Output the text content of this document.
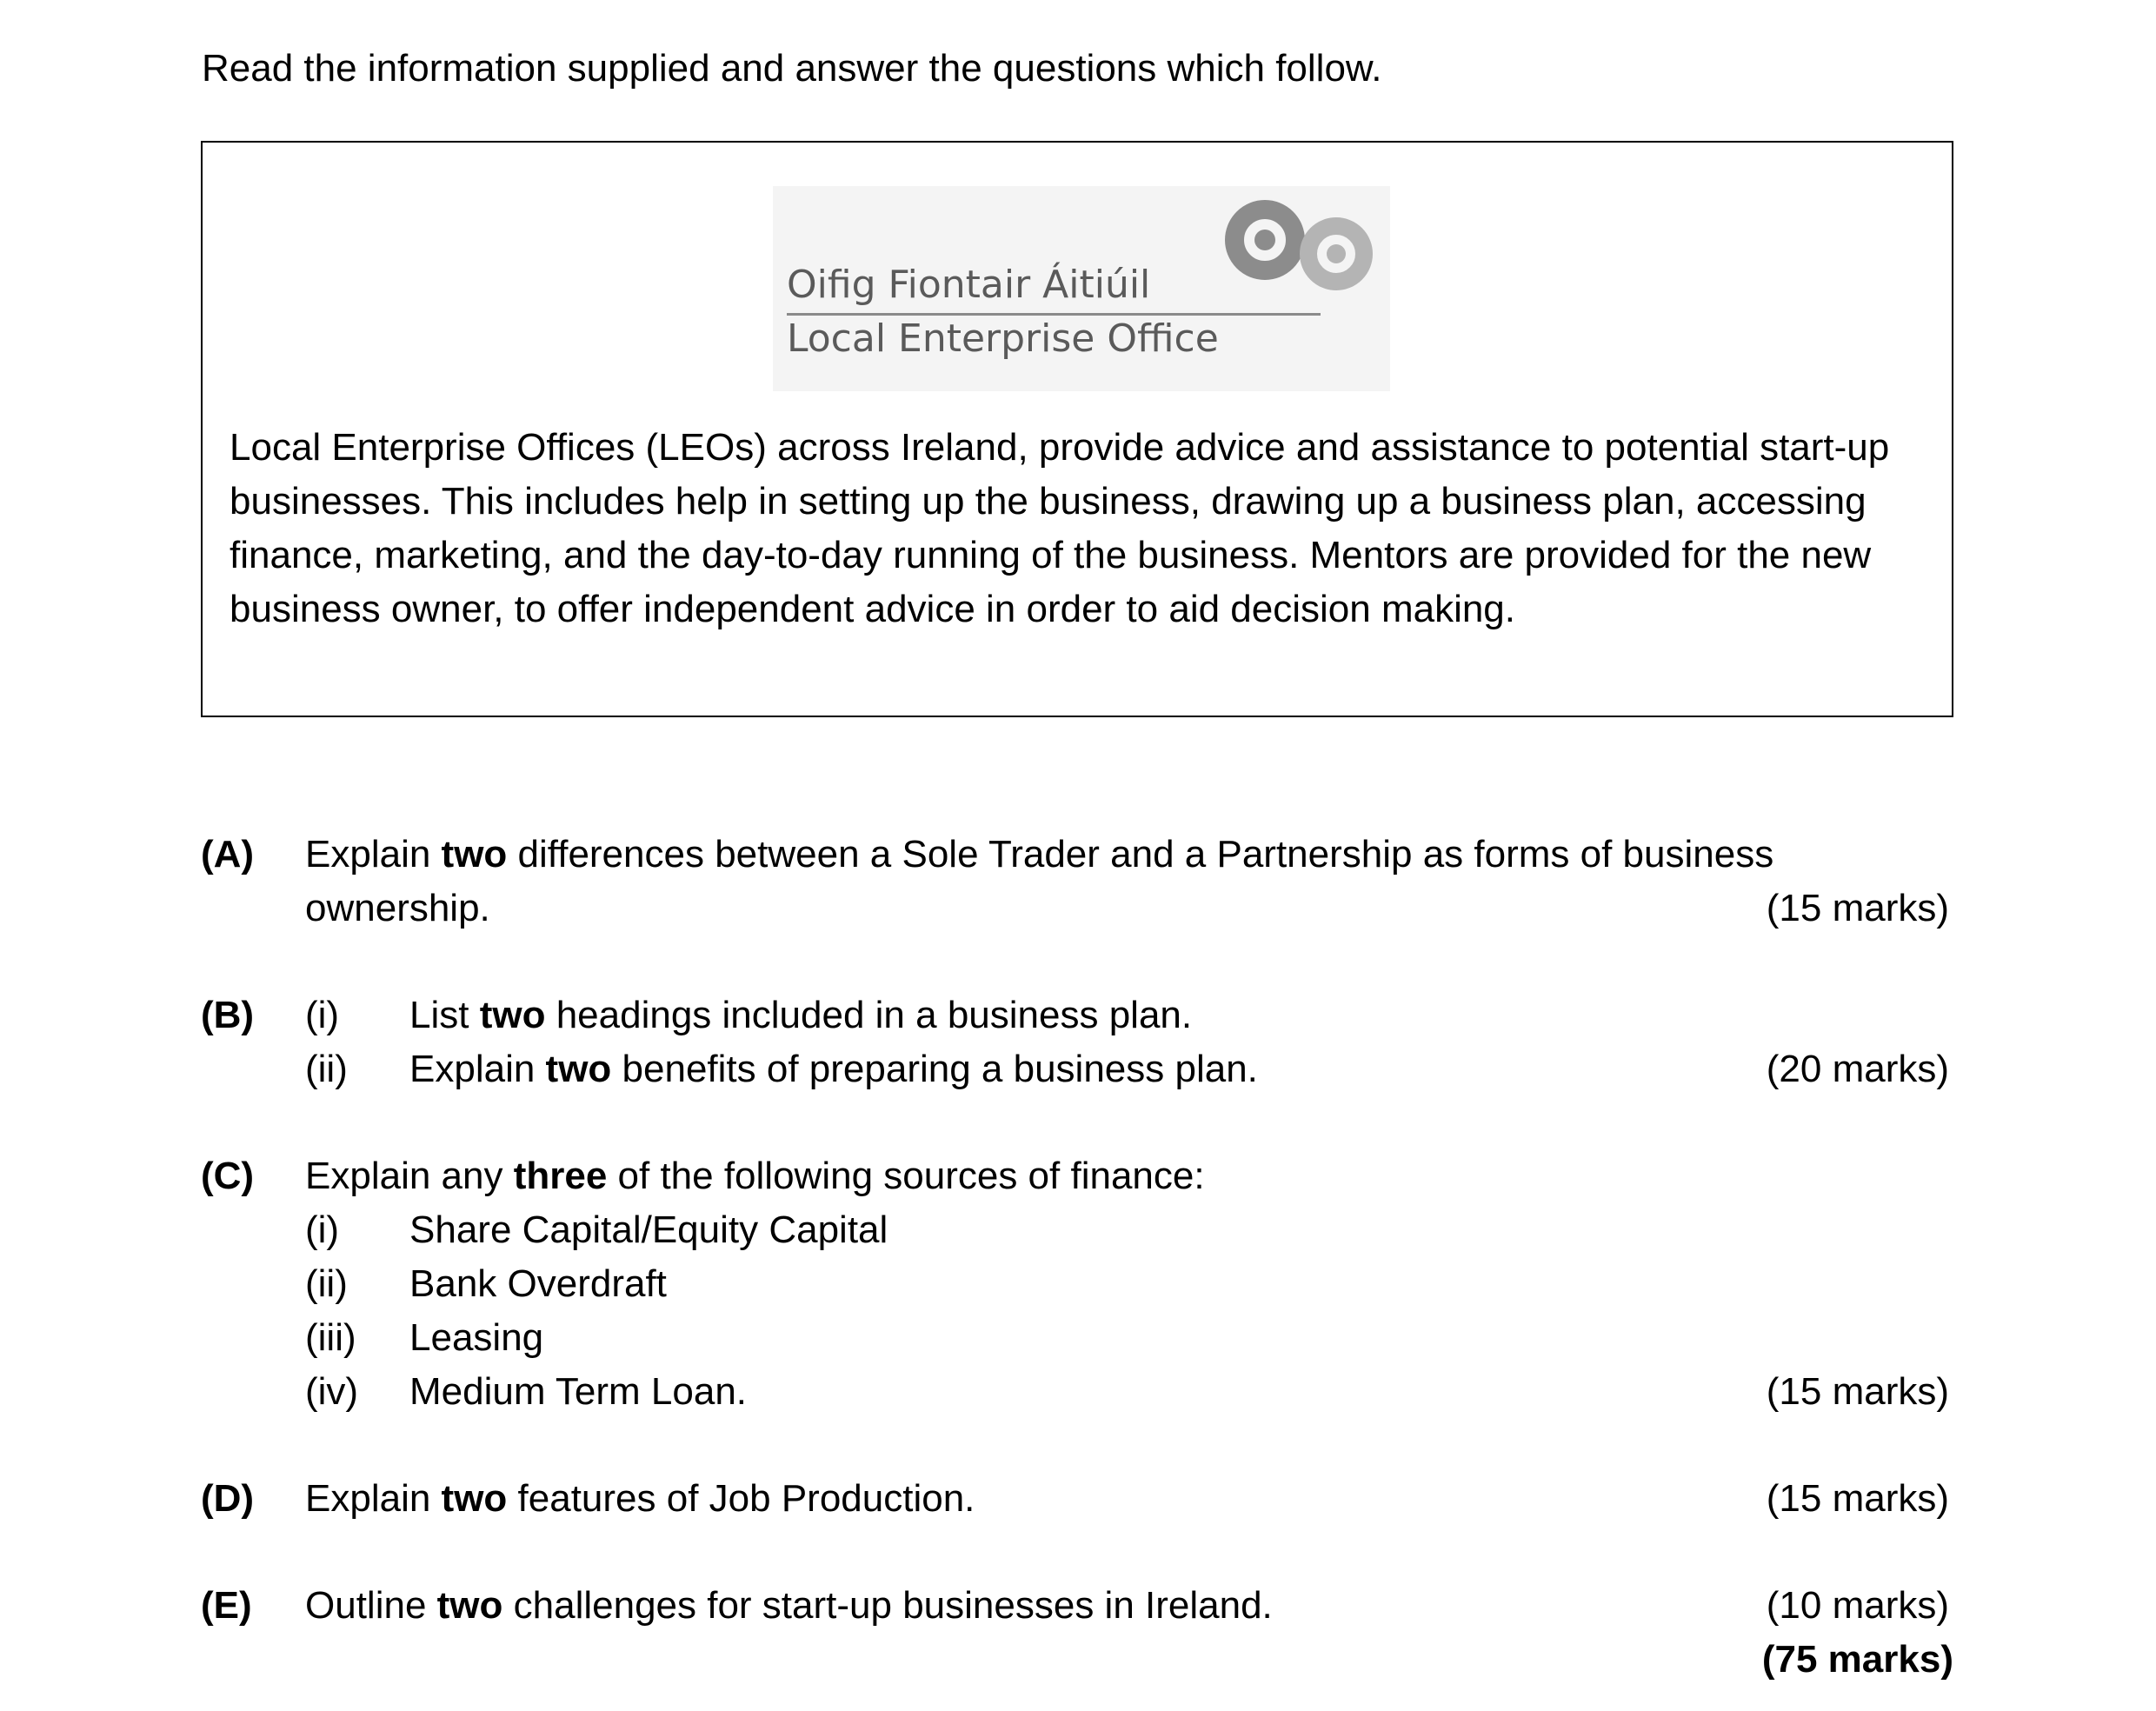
Read the information supplied and answer the questions which follow.
Oifig Fiontair Áitiúil
Local Enterprise Office

Local Enterprise Offices (LEOs) across Ireland, provide advice and assistance to potential start-up businesses. This includes help in setting up the business, drawing up a business plan, accessing finance, marketing, and the day-to-day running of the business. Mentors are provided for the new business owner, to offer independent advice in order to aid decision making.

(A) Explain two differences between a Sole Trader and a Partnership as forms of business
ownership.	(15 marks)
(B) (i) List two headings included in a business plan.
(ii) Explain two benefits of preparing a business plan.	(20 marks)
(C) Explain any three of the following sources of finance:
(i) Share Capital/Equity Capital
(ii) Bank Overdraft
(iii) Leasing
(iv) Medium Term Loan.	(15 marks)
(D) Explain two features of Job Production.	(15 marks)
(E) Outline two challenges for start-up businesses in Ireland.	(10 marks)
(75 marks)
